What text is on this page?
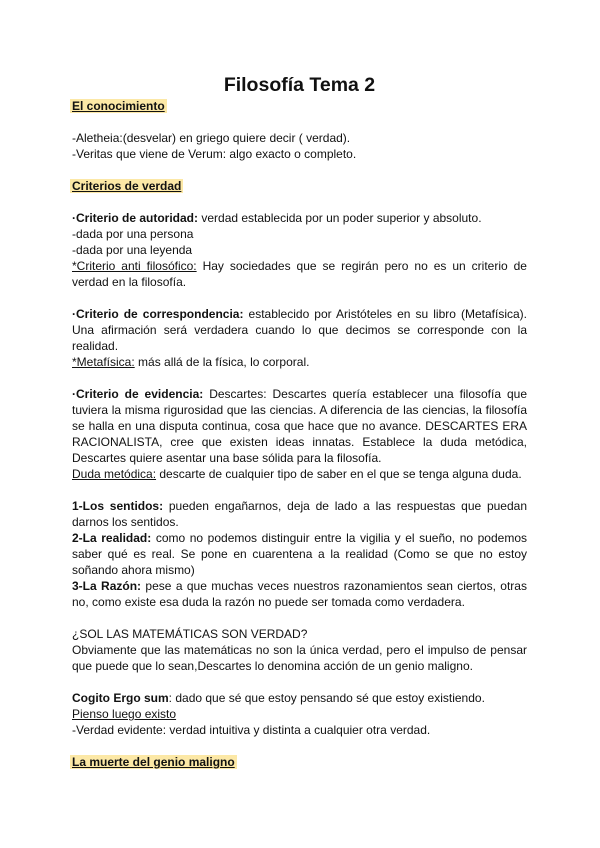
Filosofía Tema 2
El conocimiento
-Aletheia:(desvelar) en griego quiere decir ( verdad).
-Veritas que viene de Verum: algo exacto o completo.
Criterios de verdad
·Criterio de autoridad: verdad establecida por un poder superior y absoluto.
-dada por una persona
-dada por una leyenda
*Criterio anti filosófico: Hay sociedades que se regirán pero no es un criterio de verdad en la filosofía.
·Criterio de correspondencia: establecido por Aristóteles en su libro (Metafísica). Una afirmación será verdadera cuando lo que decimos se corresponde con la realidad.
*Metafísica: más allá de la física, lo corporal.
·Criterio de evidencia: Descartes: Descartes quería establecer una filosofía que tuviera la misma rigurosidad que las ciencias. A diferencia de las ciencias, la filosofía se halla en una disputa continua, cosa que hace que no avance. DESCARTES ERA RACIONALISTA, cree que existen ideas innatas. Establece la duda metódica, Descartes quiere asentar una base sólida para la filosofía.
Duda metódica: descarte de cualquier tipo de saber en el que se tenga alguna duda.
1-Los sentidos: pueden engañarnos, deja de lado a las respuestas que puedan darnos los sentidos.
2-La realidad: como no podemos distinguir entre la vigilia y el sueño, no podemos saber qué es real. Se pone en cuarentena a la realidad (Como se que no estoy soñando ahora mismo)
3-La Razón: pese a que muchas veces nuestros razonamientos sean ciertos, otras no, como existe esa duda la razón no puede ser tomada como verdadera.
¿SOL LAS MATEMÁTICAS SON VERDAD?
Obviamente que las matemáticas no son la única verdad, pero el impulso de pensar que puede que lo sean,Descartes lo denomina acción de un genio maligno.
Cogito Ergo sum: dado que sé que estoy pensando sé que estoy existiendo.
Pienso luego existo
-Verdad evidente: verdad intuitiva y distinta a cualquier otra verdad.
La muerte del genio maligno
